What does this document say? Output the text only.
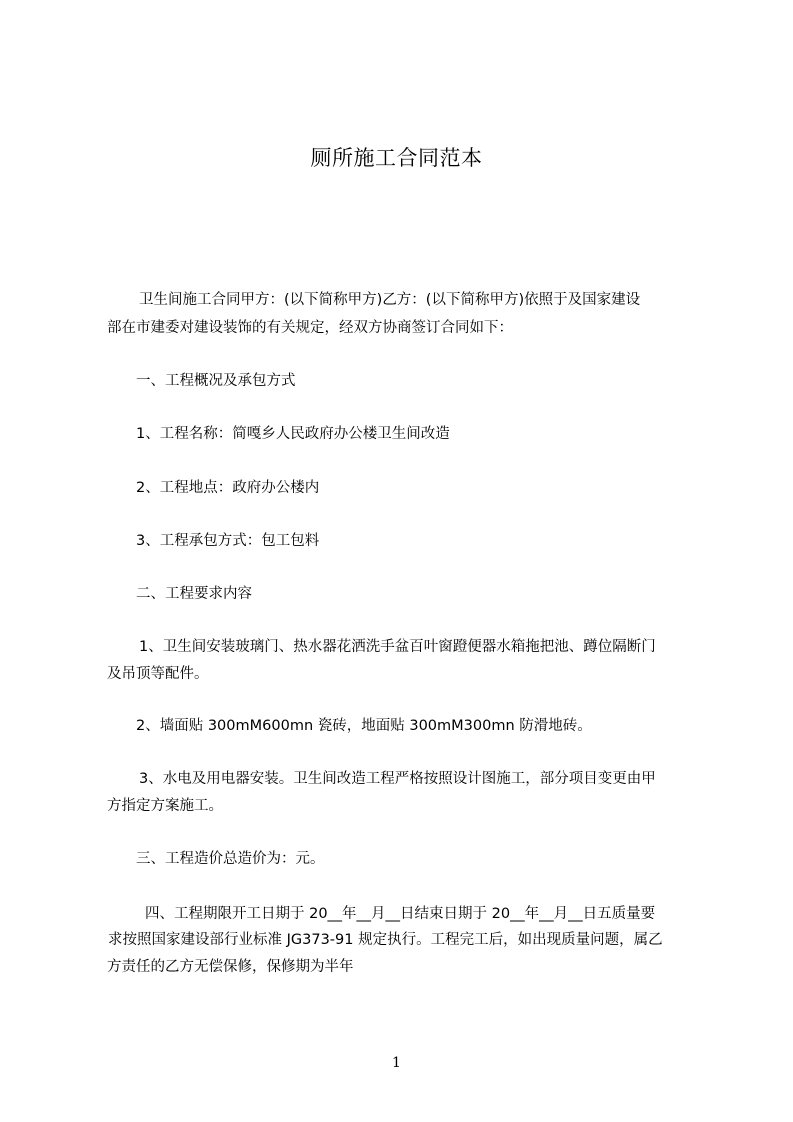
厕所施工合同范本
卫生间施工合同甲方：(以下简称甲方)乙方：(以下简称甲方)依照于及国家建设
部在市建委对建设装饰的有关规定，经双方协商签订合同如下：
一、工程概况及承包方式
1、工程名称：简嘎乡人民政府办公楼卫生间改造
2、工程地点：政府办公楼内
3、工程承包方式：包工包料
二、工程要求内容
1、卫生间安装玻璃门、热水器花洒洗手盆百叶窗蹬便器水箱拖把池、蹲位隔断门
及吊顶等配件。
2、墙面贴 300mM600mn 瓷砖，地面贴 300mM300mn 防滑地砖。
3、水电及用电器安装。卫生间改造工程严格按照设计图施工，部分项目变更由甲
方指定方案施工。
三、工程造价总造价为：元。
四、工程期限开工日期于 20__年__月__日结束日期于 20__年__月__日五质量要
求按照国家建设部行业标准 JG373-91 规定执行。工程完工后，如出现质量问题，属乙
方责任的乙方无偿保修，保修期为半年
1
